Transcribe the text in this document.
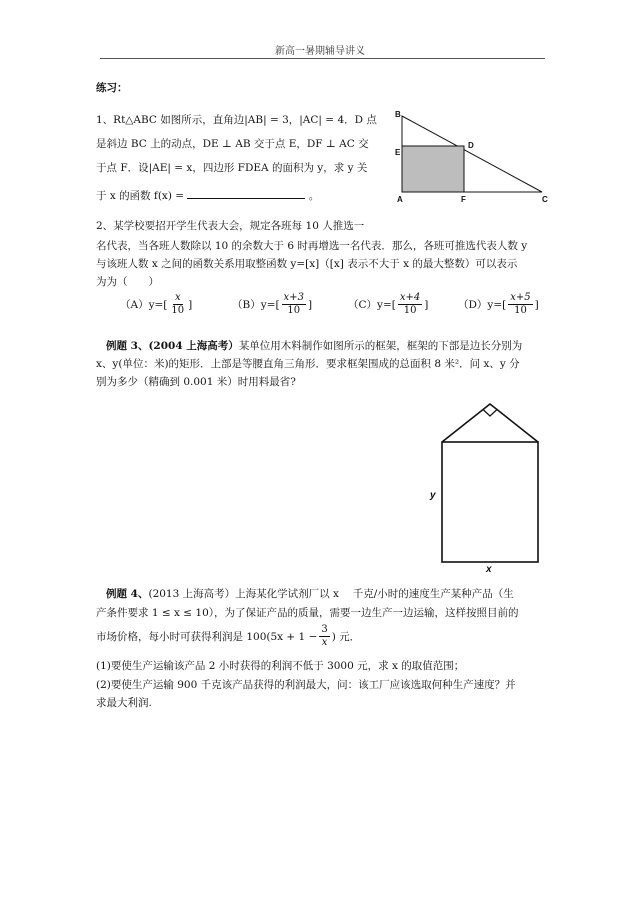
新高一暑期辅导讲义
练习：
1、Rt△ABC 如图所示，直角边|AB| = 3，|AC| = 4．D 点
是斜边 BC 上的动点，DE ⊥ AB 交于点 E，DF ⊥ AC 交
于点 F．设|AE| = x，四边形 FDEA 的面积为 y，求 y 关
于 x 的函数 f(x) =	。
B
E
D
A	F	C
2、某学校要招开学生代表大会，规定各班每 10 人推选一
名代表，当各班人数除以 10 的余数大于 6 时再增选一名代表．那么，各班可推选代表人数 y
与该班人数 x 之间的函数关系用取整函数 y=[x]（[x] 表示不大于 x 的最大整数）可以表示
为为（　　）
$(A)y=[ \frac{x}{10}$ ]	$(B)y=[ \frac{x+3}{10}$ ]	$(C)y=[ \frac{x+4}{10}$ ]	$(D)y=[ \frac{x+5}{10}$ ]
例题 3、(2004 上海高考）某单位用木料制作如图所示的框架，框架的下部是边长分别为
x、y(单位：米)的矩形．上部是等腰直角三角形．要求框架围成的总面积 8 米²．问 x、y 分
别为多少（精确到 0.001 米）时用料最省?
y
x
例题 4、(2013 上海高考）上海某化学试剂厂以 x　 千克/小时的速度生产某种产品（生
产条件要求 1 ≤ x ≤ 10），为了保证产品的质量，需要一边生产一边运输，这样按照目前的
市场价格，每小时可获得利润是 $100(5x + 1 - \frac{3}{x}$ ) 元．
(1)要使生产运输该产品 2 小时获得的利润不低于 3000 元，求 x 的取值范围；
(2)要使生产运输 900 千克该产品获得的利润最大，问：该工厂应该选取何种生产速度？并
求最大利润.
